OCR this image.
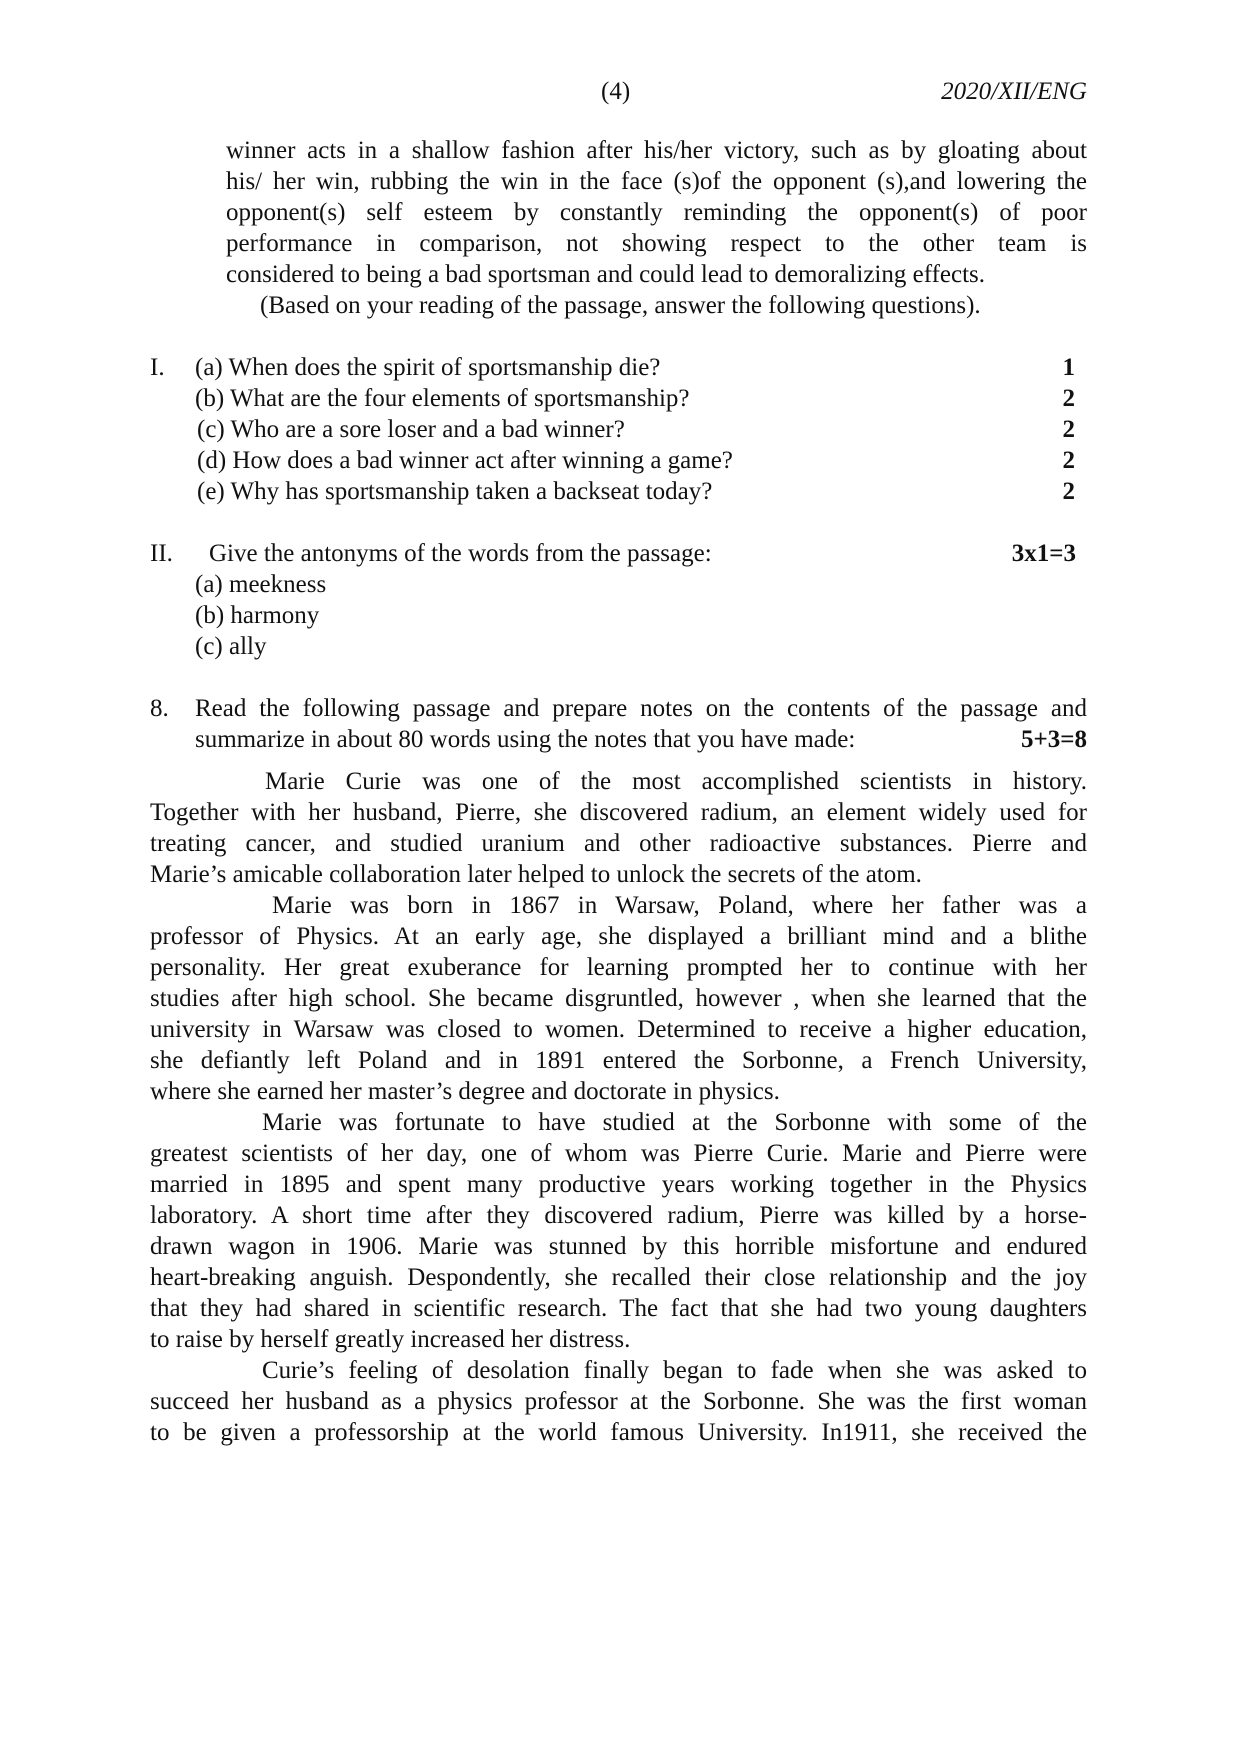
(4)	2020/XII/ENG
winner acts in a shallow fashion after his/her victory, such as by gloating about
his/ her win, rubbing the win in the face (s)of the opponent (s),and lowering the
opponent(s) self esteem by constantly reminding the opponent(s) of poor
performance in comparison, not showing respect to the other team is
considered to being a bad sportsman and could lead to demoralizing effects.
(Based on your reading of the passage, answer the following questions).
I. (a) When does the spirit of sportsmanship die?	1
(b) What are the four elements of sportsmanship?	2
(c) Who are a sore loser and a bad winner?	2
(d) How does a bad winner act after winning a game?	2
(e) Why has sportsmanship taken a backseat today?	2
II. Give the antonyms of the words from the passage:	3x1=3
(a) meekness
(b) harmony
(c) ally
8. Read the following passage and prepare notes on the contents of the passage and
summarize in about 80 words using the notes that you have made:	5+3=8
Marie Curie was one of the most accomplished scientists in history.
Together with her husband, Pierre, she discovered radium, an element widely used for
treating cancer, and studied uranium and other radioactive substances. Pierre and
Marie’s amicable collaboration later helped to unlock the secrets of the atom.
Marie was born in 1867 in Warsaw, Poland, where her father was a
professor of Physics. At an early age, she displayed a brilliant mind and a blithe
personality. Her great exuberance for learning prompted her to continue with her
studies after high school. She became disgruntled, however , when she learned that the
university in Warsaw was closed to women. Determined to receive a higher education,
she defiantly left Poland and in 1891 entered the Sorbonne, a French University,
where she earned her master’s degree and doctorate in physics.
Marie was fortunate to have studied at the Sorbonne with some of the
greatest scientists of her day, one of whom was Pierre Curie. Marie and Pierre were
married in 1895 and spent many productive years working together in the Physics
laboratory. A short time after they discovered radium, Pierre was killed by a horse-
drawn wagon in 1906. Marie was stunned by this horrible misfortune and endured
heart-breaking anguish. Despondently, she recalled their close relationship and the joy
that they had shared in scientific research. The fact that she had two young daughters
to raise by herself greatly increased her distress.
Curie’s feeling of desolation finally began to fade when she was asked to
succeed her husband as a physics professor at the Sorbonne. She was the first woman
to be given a professorship at the world famous University. In1911, she received the
